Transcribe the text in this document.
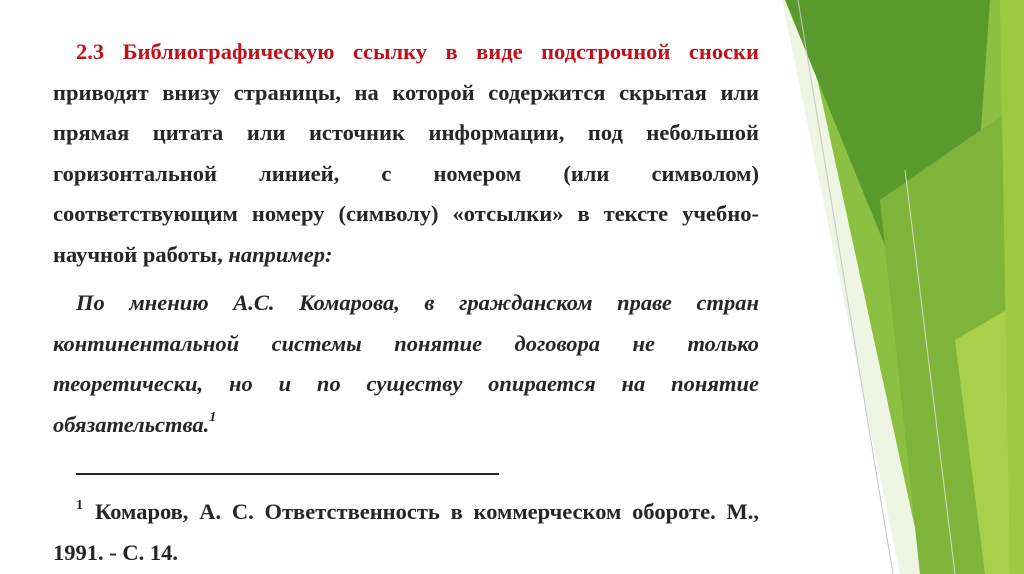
2.3 Библиографическую ссылку в виде подстрочной сноски приводят внизу страницы, на которой содержится скрытая или прямая цитата или источник информации, под небольшой горизонтальной линией, с номером (или символом) соответствующим номеру (символу) «отсылки» в тексте учебно-научной работы, например:

По мнению А.С. Комарова, в гражданском праве стран континентальной системы понятие договора не только теоретически, но и по существу опирается на понятие обязательства.$^1$

$^1$ Комаров, А. С. Ответственность в коммерческом обороте. М., 1991. - С. 14.
